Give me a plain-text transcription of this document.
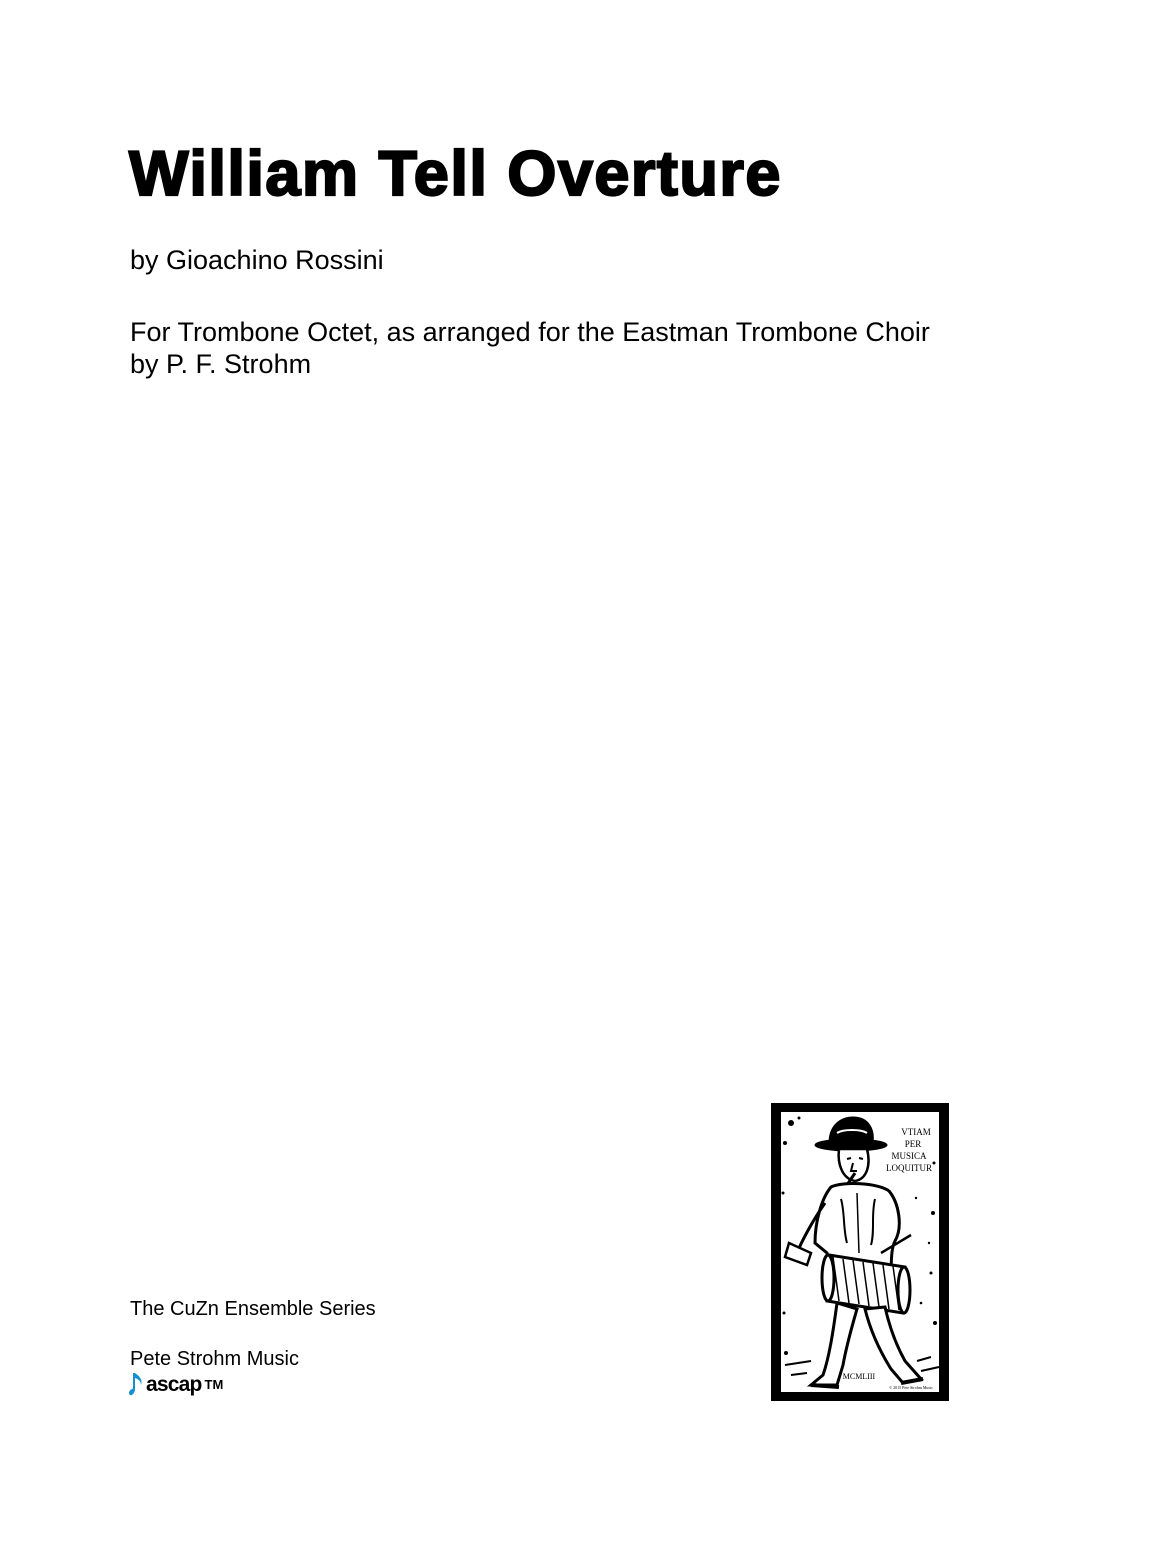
William Tell Overture
by Gioachino Rossini
For Trombone Octet, as arranged for the Eastman Trombone Choir
by P. F. Strohm
The CuZn Ensemble Series
Pete Strohm Music
ascap TM
VTIAM
PER
MUSICA
LOQUITUR
MCMLIII
© 2015 Pete Strohm Music
